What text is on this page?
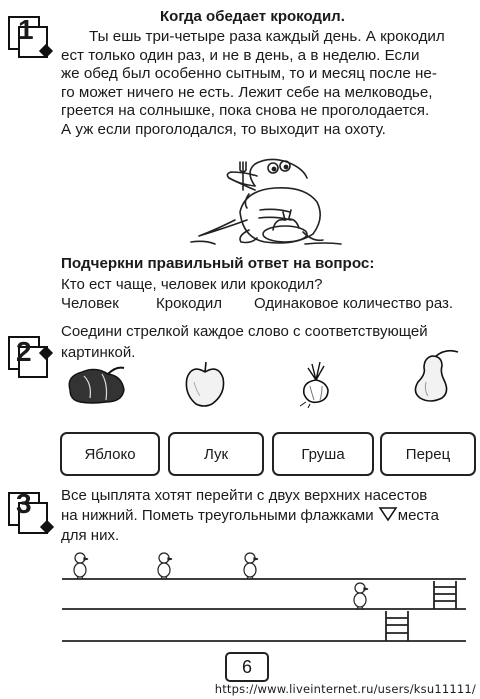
1	Когда обедает крокодил.

Ты ешь три-четыре раза каждый день. А крокодил

ест только один раз, и не в день, а в неделю. Если

же обед был особенно сытным, то и месяц после не-

го может ничего не есть. Лежит себе на мелководье,

греется на солнышке, пока снова не проголодается.

А уж если проголодался, то выходит на охоту.

Подчеркни правильный ответ на вопрос:
Кто ест чаще, человек или крокодил?
Человек Крокодил Одинаковое количество раз.
2
Соедини стрелкой каждое слово с соответствующей
картинкой.
Яблоко	Лук	Груша	Перец
3 Все цыплята хотят перейти с двух верхних насестов
на нижний. Пометь треугольными флажками места
для них.
6
https://www.liveinternet.ru/users/ksu11111/
